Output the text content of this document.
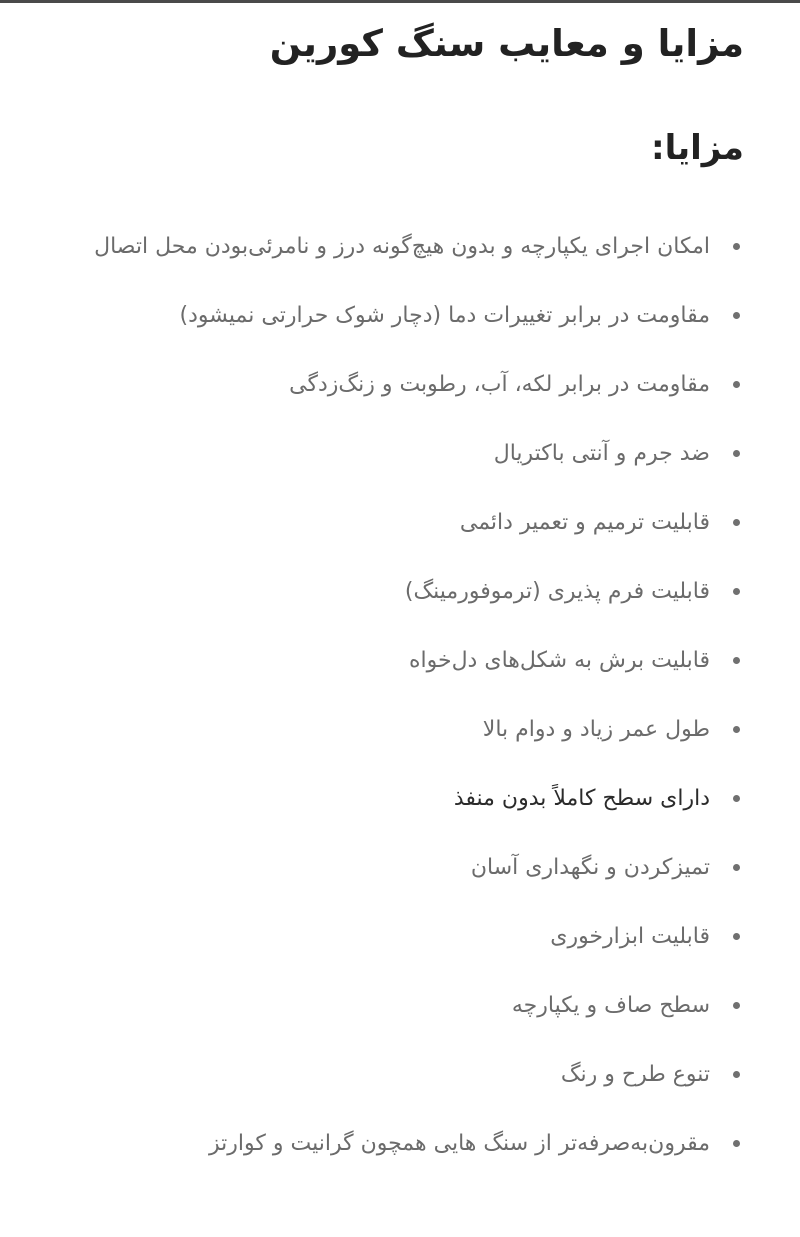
مزایا و معایب سنگ کورین
مزایا:
امکان اجرای یکپارچه و بدون هیچ‌گونه درز و نامرئی‌بودن محل اتصال
مقاومت در برابر تغییرات دما (دچار شوک حرارتی نمیشود)
مقاومت در برابر لکه، آب، رطوبت و زنگ‌زدگی
ضد جرم و آنتی باکتریال
قابلیت ترمیم و تعمیر دائمی
قابلیت فرم پذیری (ترموفورمینگ)
قابلیت برش به شکل‌های دل‌خواه
طول عمر زیاد و دوام بالا
دارای سطح کاملاً بدون منفذ
تمیزکردن و نگهداری آسان
قابلیت ابزارخوری
سطح صاف و یکپارچه
تنوع طرح و رنگ
مقرون‌به‌صرفه‌تر از سنگ هایی همچون گرانیت و کوارتز
